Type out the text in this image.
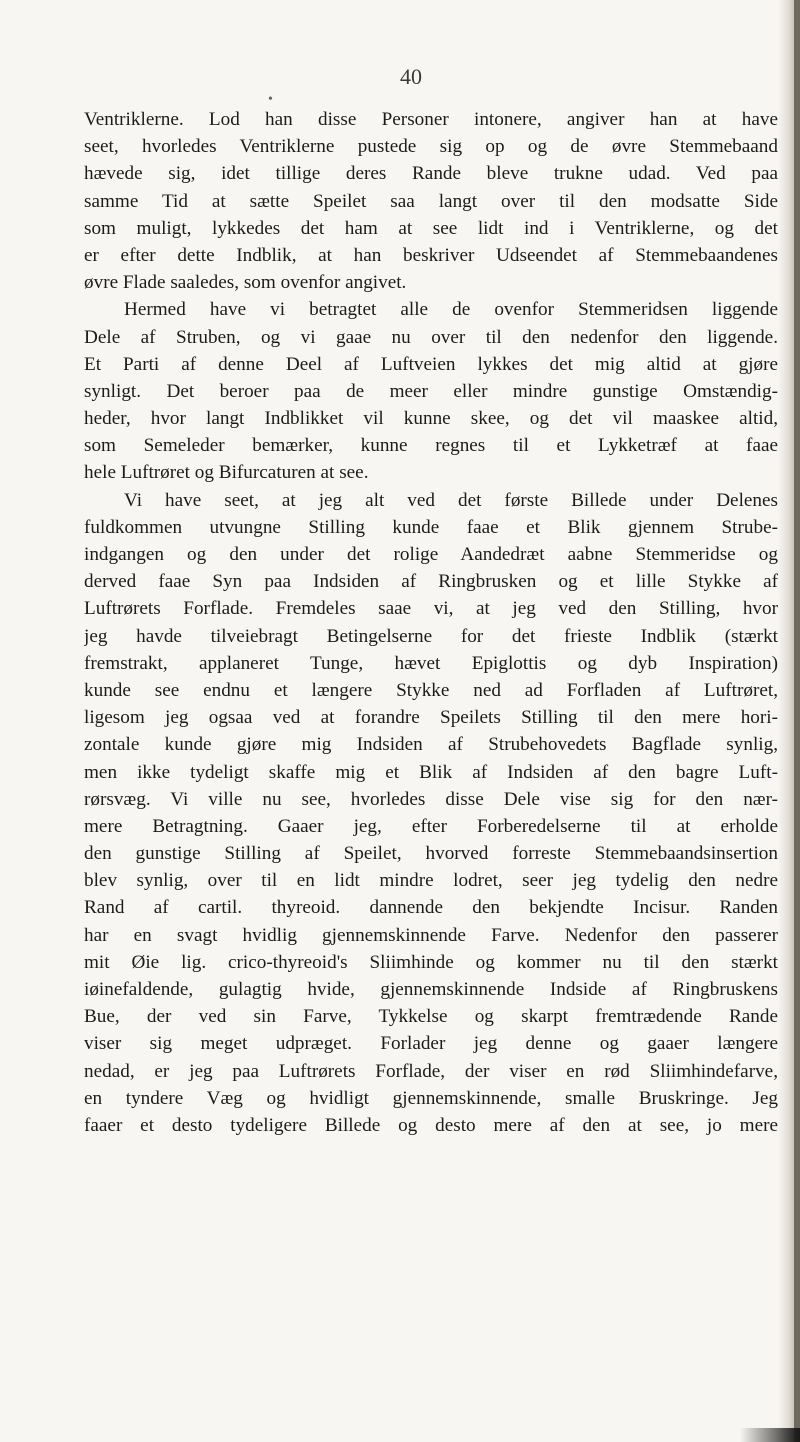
40
•
Ventriklerne. Lod han disse Personer intonere, angiver han at have
seet, hvorledes Ventriklerne pustede sig op og de øvre Stemmebaand
hævede sig, idet tillige deres Rande bleve trukne udad. Ved paa
samme Tid at sætte Speilet saa langt over til den modsatte Side
som muligt, lykkedes det ham at see lidt ind i Ventriklerne, og det
er efter dette Indblik, at han beskriver Udseendet af Stemmebaandenes
øvre Flade saaledes, som ovenfor angivet.
Hermed have vi betragtet alle de ovenfor Stemmeridsen liggende
Dele af Struben, og vi gaae nu over til den nedenfor den liggende.
Et Parti af denne Deel af Luftveien lykkes det mig altid at gjøre
synligt. Det beroer paa de meer eller mindre gunstige Omstændig-
heder, hvor langt Indblikket vil kunne skee, og det vil maaskee altid,
som Semeleder bemærker, kunne regnes til et Lykketræf at faae
hele Luftrøret og Bifurcaturen at see.
Vi have seet, at jeg alt ved det første Billede under Delenes
fuldkommen utvungne Stilling kunde faae et Blik gjennem Strube-
indgangen og den under det rolige Aandedræt aabne Stemmeridse og
derved faae Syn paa Indsiden af Ringbrusken og et lille Stykke af
Luftrørets Forflade. Fremdeles saae vi, at jeg ved den Stilling, hvor
jeg havde tilveiebragt Betingelserne for det frieste Indblik (stærkt
fremstrakt, applaneret Tunge, hævet Epiglottis og dyb Inspiration)
kunde see endnu et længere Stykke ned ad Forfladen af Luftrøret,
ligesom jeg ogsaa ved at forandre Speilets Stilling til den mere hori-
zontale kunde gjøre mig Indsiden af Strubehovedets Bagflade synlig,
men ikke tydeligt skaffe mig et Blik af Indsiden af den bagre Luft-
rørsvæg. Vi ville nu see, hvorledes disse Dele vise sig for den nær-
mere Betragtning. Gaaer jeg, efter Forberedelserne til at erholde
den gunstige Stilling af Speilet, hvorved forreste Stemmebaandsinsertion
blev synlig, over til en lidt mindre lodret, seer jeg tydelig den nedre
Rand af cartil. thyreoid. dannende den bekjendte Incisur. Randen
har en svagt hvidlig gjennemskinnende Farve. Nedenfor den passerer
mit Øie lig. crico-thyreoid's Sliimhinde og kommer nu til den stærkt
iøinefaldende, gulagtig hvide, gjennemskinnende Indside af Ringbruskens
Bue, der ved sin Farve, Tykkelse og skarpt fremtrædende Rande
viser sig meget udpræget. Forlader jeg denne og gaaer længere
nedad, er jeg paa Luftrørets Forflade, der viser en rød Sliimhindefarve,
en tyndere Væg og hvidligt gjennemskinnende, smalle Bruskringe. Jeg
faaer et desto tydeligere Billede og desto mere af den at see, jo mere
